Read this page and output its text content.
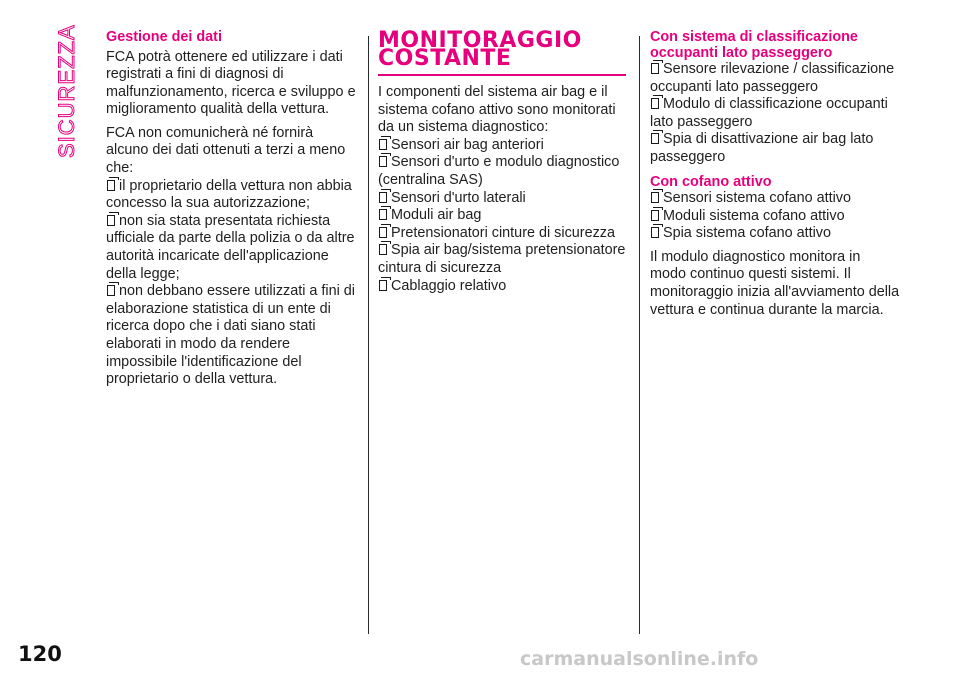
SICUREZZA Gestione dei dati

FCA potrà ottenere ed utilizzare i dati registrati a fini di diagnosi di malfunzionamento, ricerca e sviluppo e miglioramento qualità della vettura.

FCA non comunicherà né fornirà alcuno dei dati ottenuti a terzi a meno che:

il proprietario della vettura non abbia concesso la sua autorizzazione;

non sia stata presentata richiesta ufficiale da parte della polizia o da altre autorità incaricate dell'applicazione della legge;

non debbano essere utilizzati a fini di elaborazione statistica di un ente di ricerca dopo che i dati siano stati elaborati in modo da rendere impossibile l'identificazione del proprietario o della vettura.

MONITORAGGIO
COSTANTE

I componenti del sistema air bag e il sistema cofano attivo sono monitorati da un sistema diagnostico:

Sensori air bag anteriori

Sensori d'urto e modulo diagnostico (centralina SAS)

Sensori d'urto laterali

Moduli air bag

Pretensionatori cinture di sicurezza

Spia air bag/sistema pretensionatore cintura di sicurezza

Cablaggio relativo

Con sistema di classificazione occupanti lato passeggero

Sensore rilevazione / classificazione occupanti lato passeggero

Modulo di classificazione occupanti lato passeggero

Spia di disattivazione air bag lato passeggero

Con cofano attivo

Sensori sistema cofano attivo

Moduli sistema cofano attivo

Spia sistema cofano attivo

Il modulo diagnostico monitora in modo continuo questi sistemi. Il monitoraggio inizia all'avviamento della vettura e continua durante la marcia.

120	carmanualsonline.info
